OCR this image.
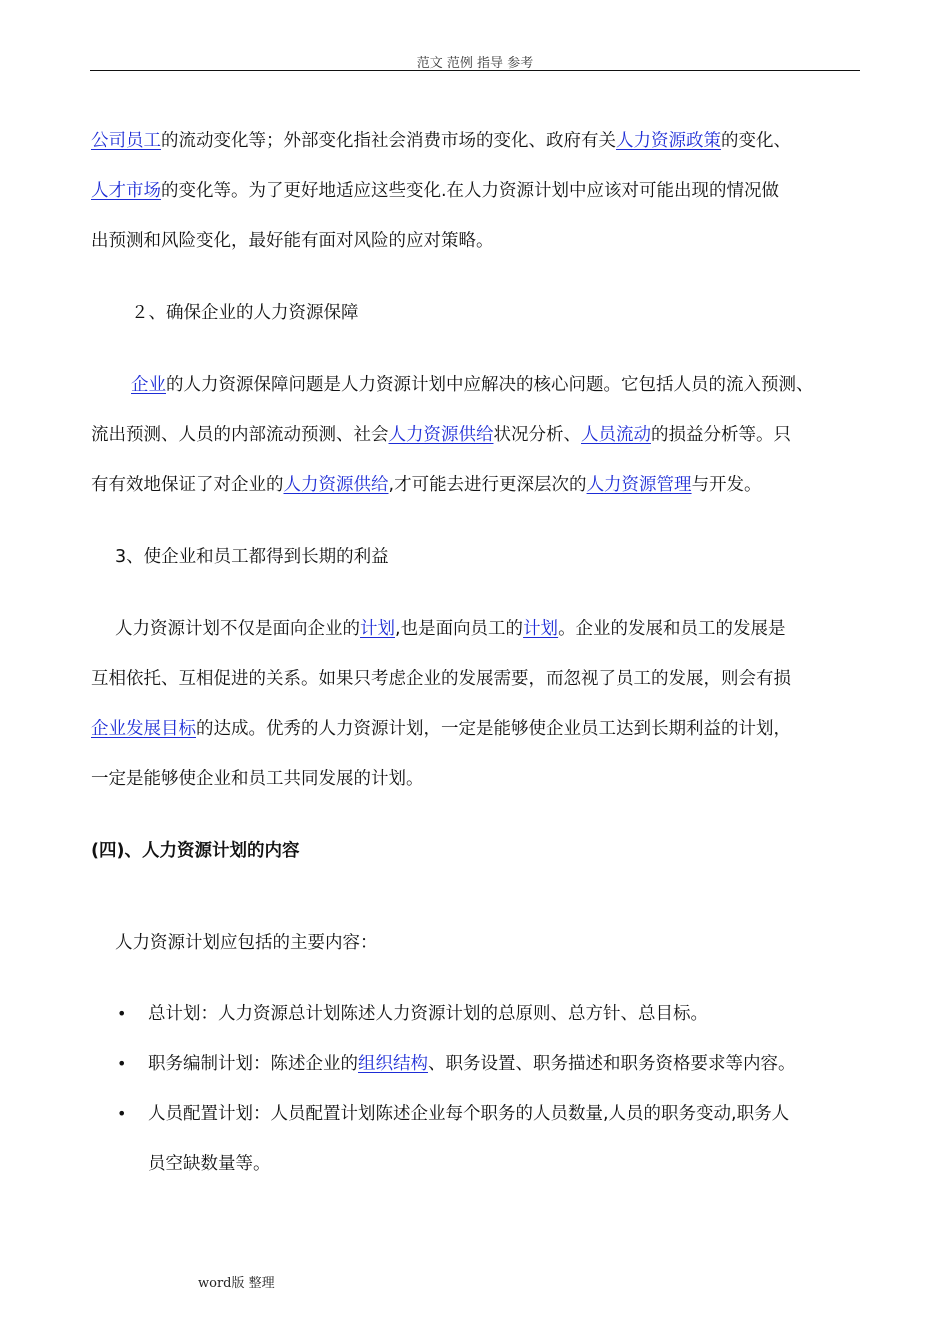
范文 范例 指导 参考
公司员工的流动变化等；外部变化指社会消费市场的变化、政府有关人力资源政策的变化、
人才市场的变化等。为了更好地适应这些变化.在人力资源计划中应该对可能出现的情况做
出预测和风险变化，最好能有面对风险的应对策略。
２、确保企业的人力资源保障
企业的人力资源保障问题是人力资源计划中应解决的核心问题。它包括人员的流入预测、
流出预测、人员的内部流动预测、社会人力资源供给状况分析、人员流动的损益分析等。只
有有效地保证了对企业的人力资源供给,才可能去进行更深层次的人力资源管理与开发。
3、使企业和员工都得到长期的利益
人力资源计划不仅是面向企业的计划,也是面向员工的计划。企业的发展和员工的发展是
互相依托、互相促进的关系。如果只考虑企业的发展需要，而忽视了员工的发展，则会有损
企业发展目标的达成。优秀的人力资源计划，一定是能够使企业员工达到长期利益的计划，
一定是能够使企业和员工共同发展的计划。
(四)、人力资源计划的内容
人力资源计划应包括的主要内容：
• 总计划：人力资源总计划陈述人力资源计划的总原则、总方针、总目标。
• 职务编制计划：陈述企业的组织结构、职务设置、职务描述和职务资格要求等内容。
• 人员配置计划：人员配置计划陈述企业每个职务的人员数量,人员的职务变动,职务人
员空缺数量等。
word版 整理
